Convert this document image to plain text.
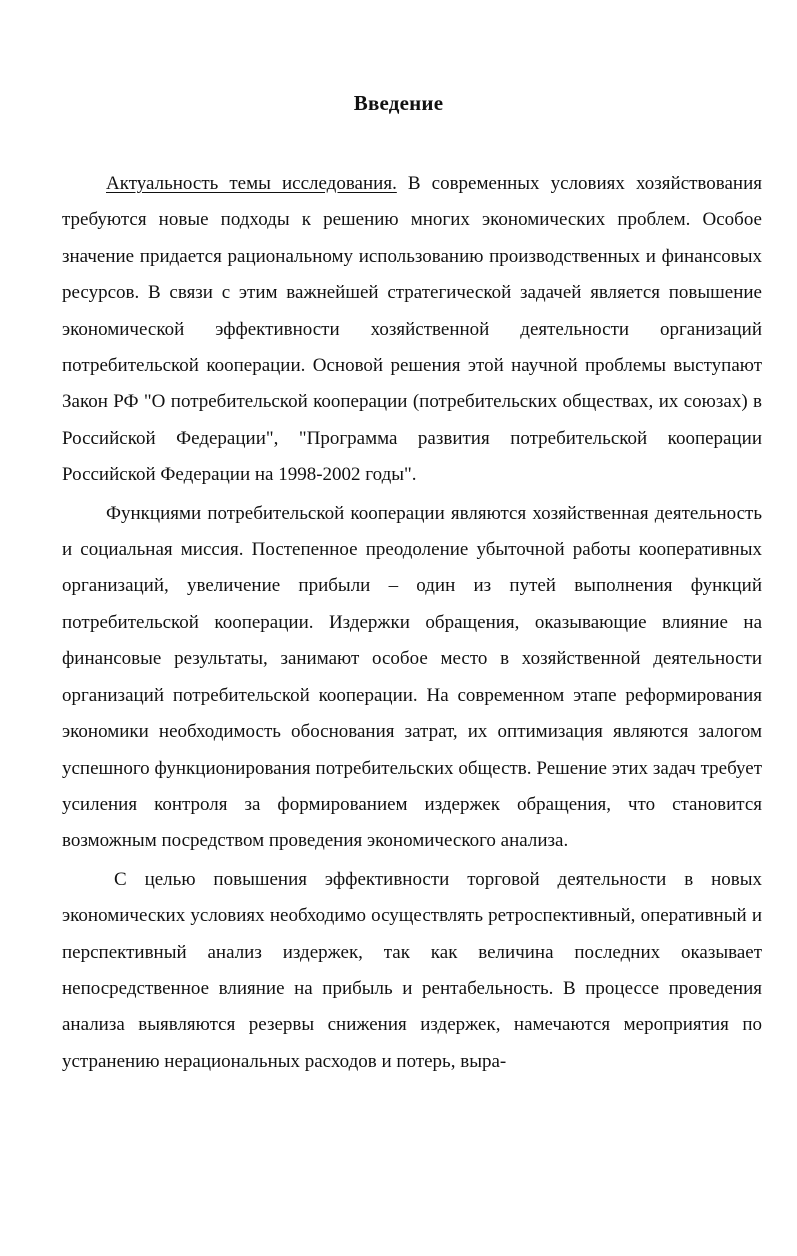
Введение

Актуальность темы исследования. В современных условиях хозяйствования требуются новые подходы к решению многих экономических проблем. Особое значение придается рациональному использованию производственных и финансовых ресурсов. В связи с этим важнейшей стратегической задачей является повышение экономической эффективности хозяйственной деятельности организаций потребительской кооперации. Основой решения этой научной проблемы выступают Закон РФ "О потребительской кооперации (потребительских обществах, их союзах) в Российской Федерации", "Программа развития потребительской кооперации Российской Федерации на 1998-2002 годы".

Функциями потребительской кооперации являются хозяйственная деятельность и социальная миссия. Постепенное преодоление убыточной работы кооперативных организаций, увеличение прибыли – один из путей выполнения функций потребительской кооперации. Издержки обращения, оказывающие влияние на финансовые результаты, занимают особое место в хозяйственной деятельности организаций потребительской кооперации. На современном этапе реформирования экономики необходимость обоснования затрат, их оптимизация являются залогом успешного функционирования потребительских обществ. Решение этих задач требует усиления контроля за формированием издержек обращения, что становится возможным посредством проведения экономического анализа.

С целью повышения эффективности торговой деятельности в новых экономических условиях необходимо осуществлять ретроспективный, оперативный и перспективный анализ издержек, так как величина последних оказывает непосредственное влияние на прибыль и рентабельность. В процессе проведения анализа выявляются резервы снижения издержек, намечаются мероприятия по устранению нерациональных расходов и потерь, выра-
